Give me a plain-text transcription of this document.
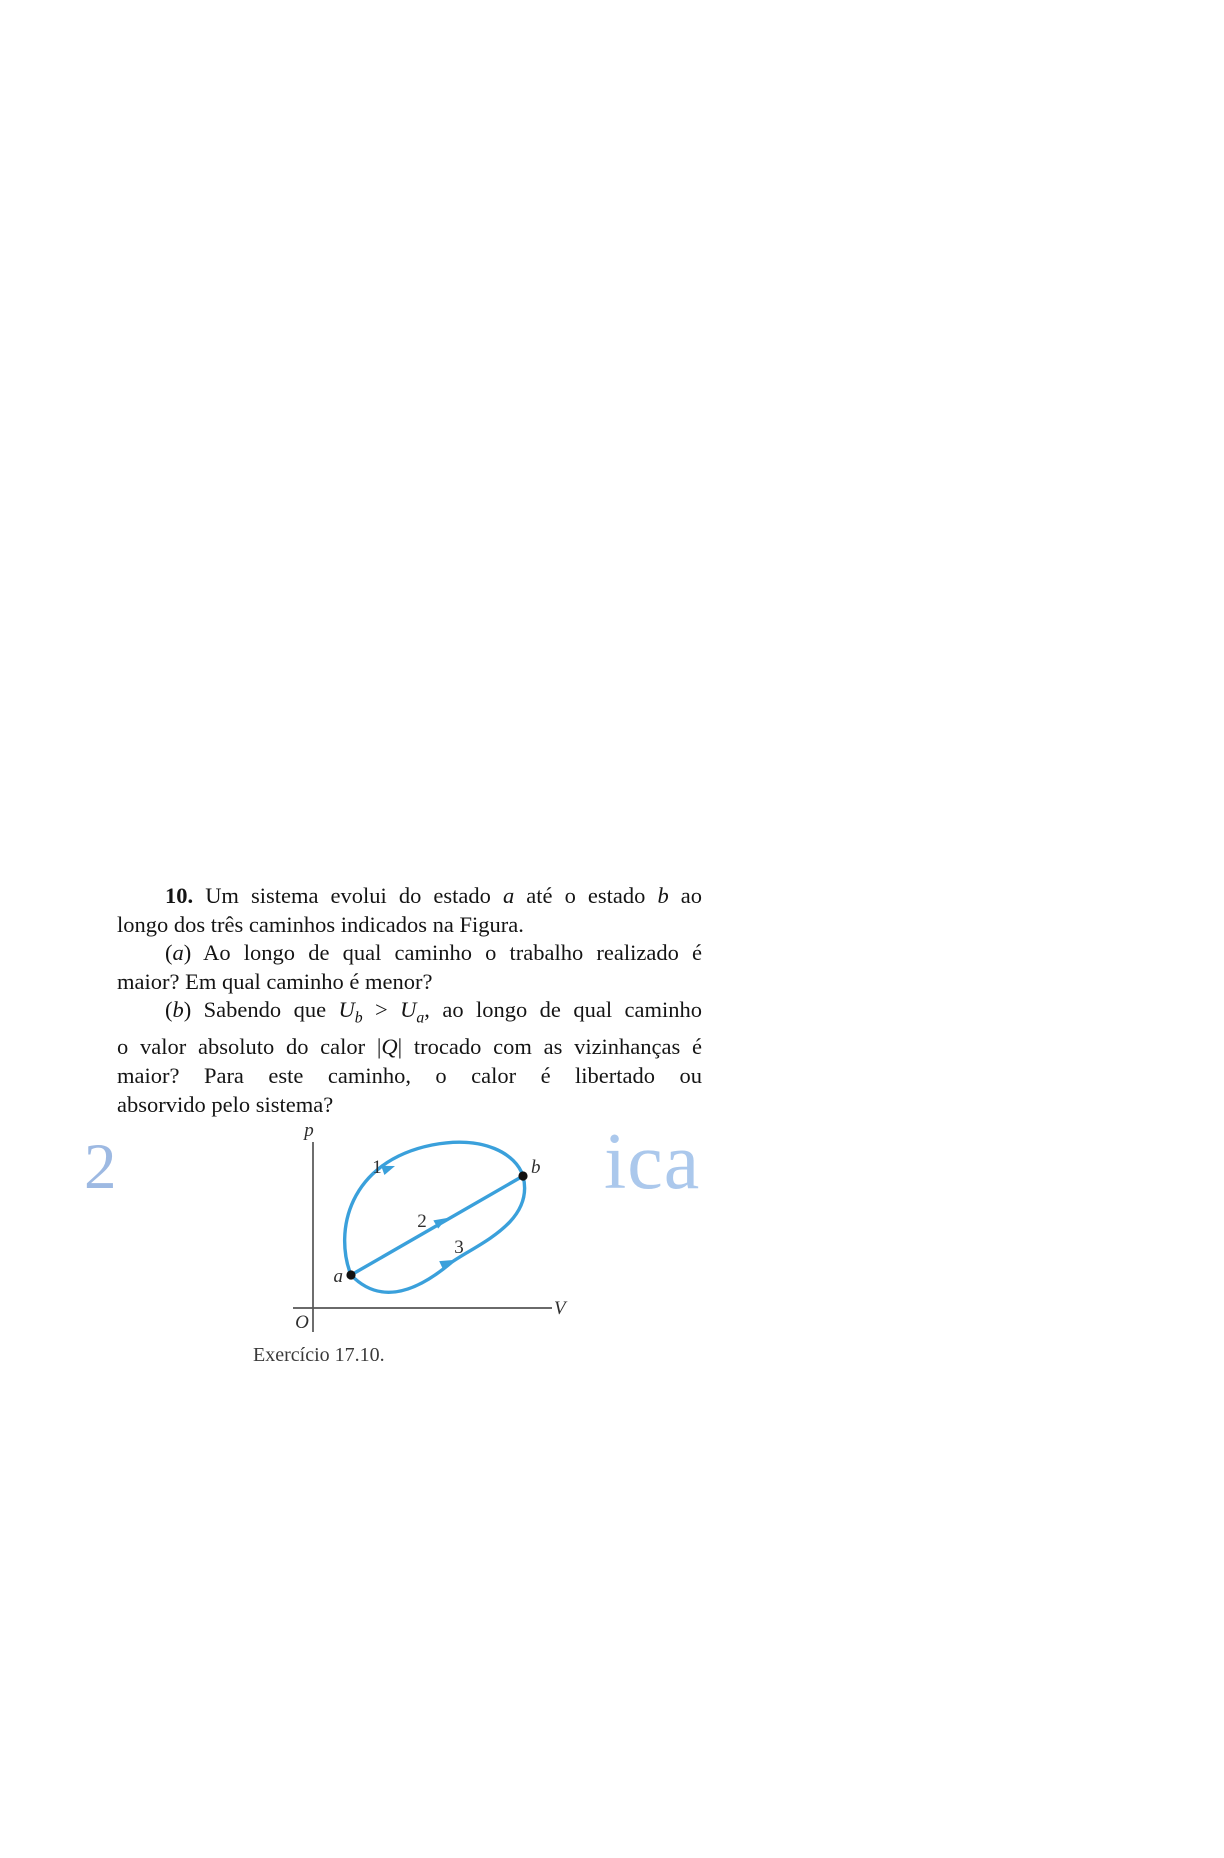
10. Um sistema evolui do estado a até o estado b ao
longo dos três caminhos indicados na Figura.
(a) Ao longo de qual caminho o trabalho realizado é
maior? Em qual caminho é menor?
(b) Sabendo que $U_b > U_a$, ao longo de qual caminho
o valor absoluto do calor |Q| trocado com as vizinhanças é
maior? Para este caminho, o calor é libertado ou
absorvido pelo sistema?
2	ica
p
V
O
1
2
3
a
b
Exercício 17.10.
